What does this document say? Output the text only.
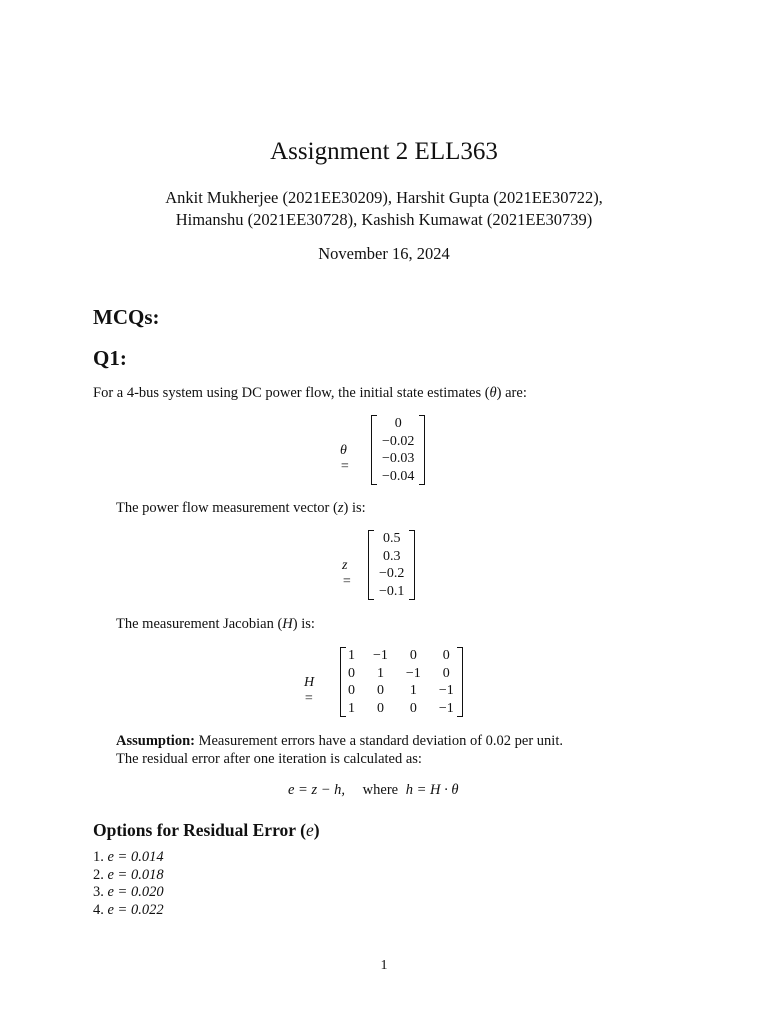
Assignment 2 ELL363
Ankit Mukherjee (2021EE30209), Harshit Gupta (2021EE30722),
Himanshu (2021EE30728), Kashish Kumawat (2021EE30739)
November 16, 2024
MCQs:
Q1:
For a 4-bus system using DC power flow, the initial state estimates (θ) are:
θ =
0
−0.02
−0.03
−0.04
The power flow measurement vector (z) is:
z =
0.5
0.3
−0.2
−0.1
The measurement Jacobian (H) is:
H =
1	−1	0	0
0	1	−1	0
0	0	1	−1
1	0	0	−1
Assumption: Measurement errors have a standard deviation of 0.02 per unit.
The residual error after one iteration is calculated as:
e = z − h, where h = H · θ
Options for Residual Error (e)
1. e = 0.014
2. e = 0.018
3. e = 0.020
4. e = 0.022
1
